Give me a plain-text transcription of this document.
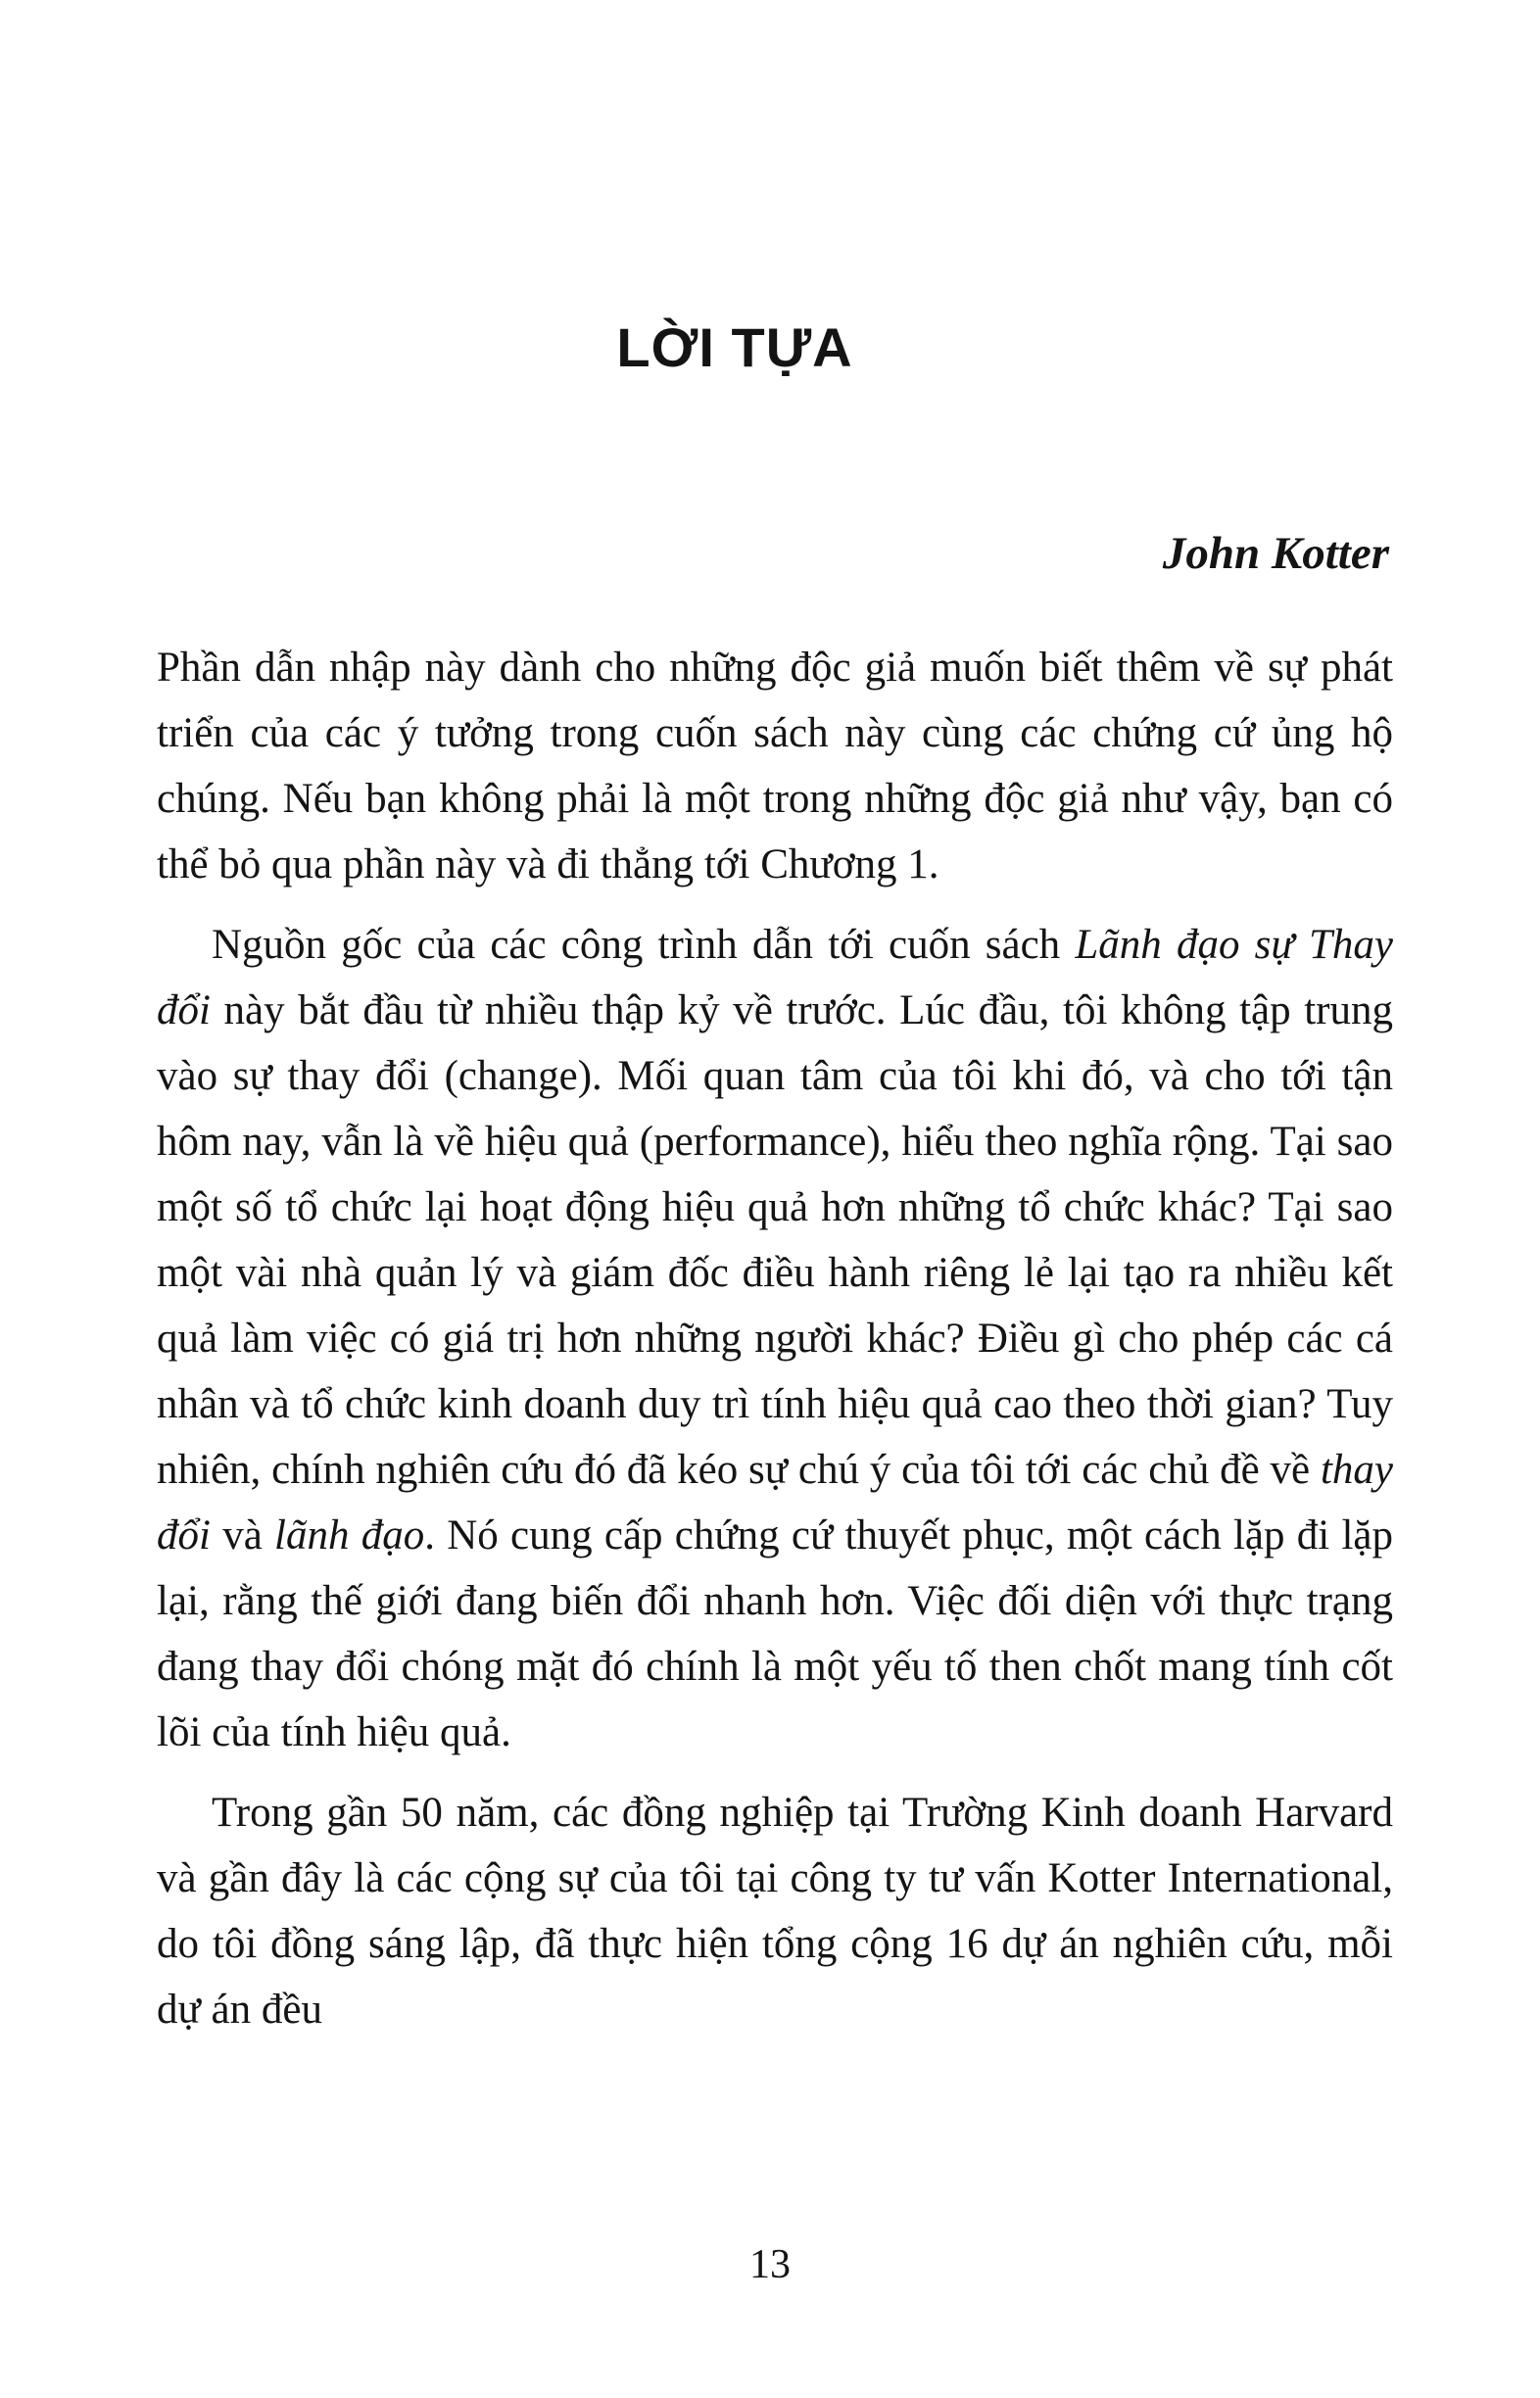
LỜI TỰA
John Kotter

Phần dẫn nhập này dành cho những độc giả muốn biết thêm về sự phát triển của các ý tưởng trong cuốn sách này cùng các chứng cứ ủng hộ chúng. Nếu bạn không phải là một trong những độc giả như vậy, bạn có thể bỏ qua phần này và đi thẳng tới Chương 1.

Nguồn gốc của các công trình dẫn tới cuốn sách Lãnh đạo sự Thay đổi này bắt đầu từ nhiều thập kỷ về trước. Lúc đầu, tôi không tập trung vào sự thay đổi (change). Mối quan tâm của tôi khi đó, và cho tới tận hôm nay, vẫn là về hiệu quả (performance), hiểu theo nghĩa rộng. Tại sao một số tổ chức lại hoạt động hiệu quả hơn những tổ chức khác? Tại sao một vài nhà quản lý và giám đốc điều hành riêng lẻ lại tạo ra nhiều kết quả làm việc có giá trị hơn những người khác? Điều gì cho phép các cá nhân và tổ chức kinh doanh duy trì tính hiệu quả cao theo thời gian? Tuy nhiên, chính nghiên cứu đó đã kéo sự chú ý của tôi tới các chủ đề về thay đổi và lãnh đạo. Nó cung cấp chứng cứ thuyết phục, một cách lặp đi lặp lại, rằng thế giới đang biến đổi nhanh hơn. Việc đối diện với thực trạng đang thay đổi chóng mặt đó chính là một yếu tố then chốt mang tính cốt lõi của tính hiệu quả.

Trong gần 50 năm, các đồng nghiệp tại Trường Kinh doanh Harvard và gần đây là các cộng sự của tôi tại công ty tư vấn Kotter International, do tôi đồng sáng lập, đã thực hiện tổng cộng 16 dự án nghiên cứu, mỗi dự án đều

13
